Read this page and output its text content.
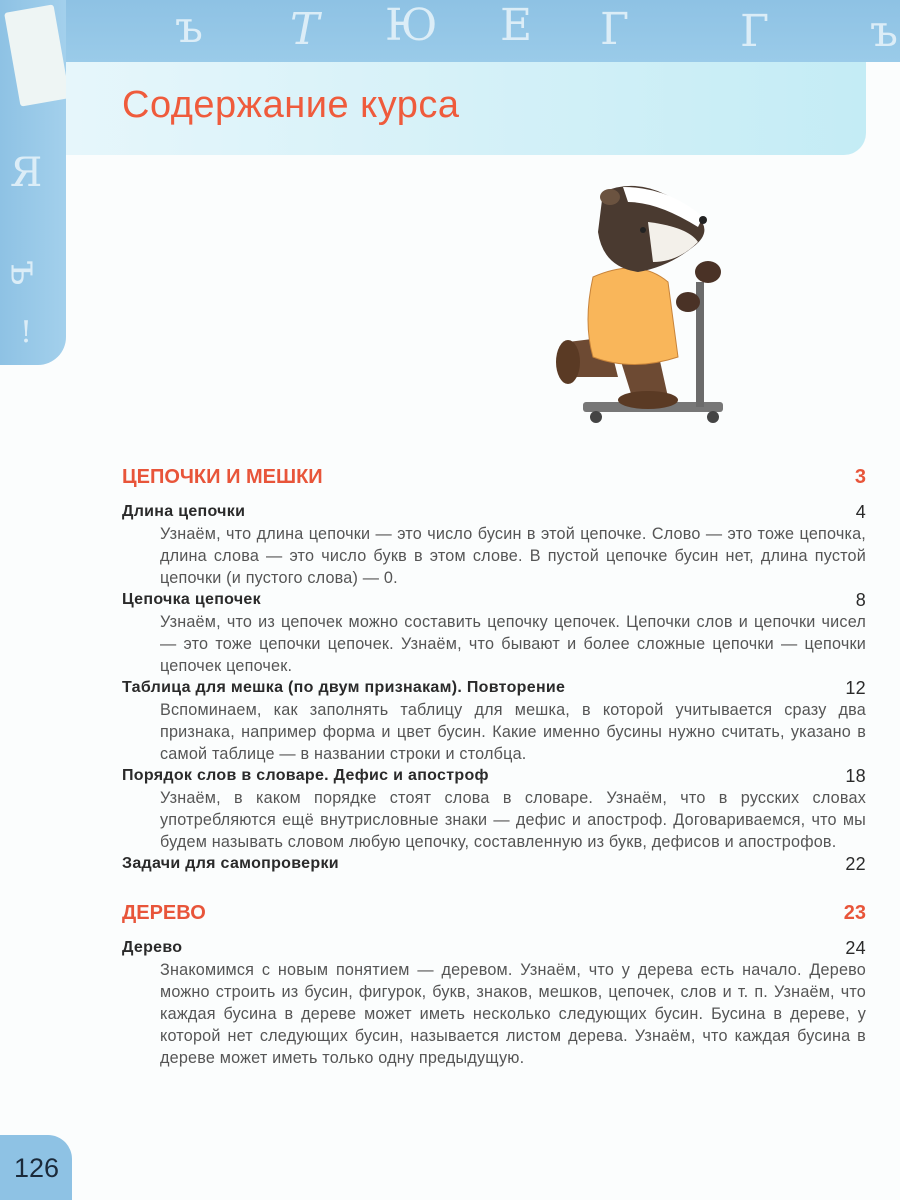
ъ Т Ю Е Г	Г ъ
Я
ъ
!
Содержание курса
ЦЕПОЧКИ И МЕШКИ	3
Длина цепочки	4
Узнаём, что длина цепочки — это число бусин в этой цепочке. Слово — это тоже цепочка, длина слова — это число букв в этом слове. В пустой цепочке бусин нет, длина пустой цепочки (и пустого слова) — 0.
Цепочка цепочек	8
Узнаём, что из цепочек можно составить цепочку цепочек. Цепочки слов и цепочки чисел — это тоже цепочки цепочек. Узнаём, что бывают и более сложные цепочки — цепочки цепочек цепочек.
Таблица для мешка (по двум признакам). Повторение	12
Вспоминаем, как заполнять таблицу для мешка, в которой учитывается сразу два признака, например форма и цвет бусин. Какие именно бусины нужно считать, указано в самой таблице — в названии строки и столбца.
Порядок слов в словаре. Дефис и апостроф	18
Узнаём, в каком порядке стоят слова в словаре. Узнаём, что в русских словах употребляются ещё внутрисловные знаки — дефис и апостроф. Договариваемся, что мы будем называть словом любую цепочку, составленную из букв, дефисов и апострофов.
Задачи для самопроверки	22
ДЕРЕВО	23
Дерево	24
Знакомимся с новым понятием — деревом. Узнаём, что у дерева есть начало. Дерево можно строить из бусин, фигурок, букв, знаков, мешков, цепочек, слов и т. п. Узнаём, что каждая бусина в дереве может иметь несколько следующих бусин. Бусина в дереве, у которой нет следующих бусин, называется листом дерева. Узнаём, что каждая бусина в дереве может иметь только одну предыдущую.
126
